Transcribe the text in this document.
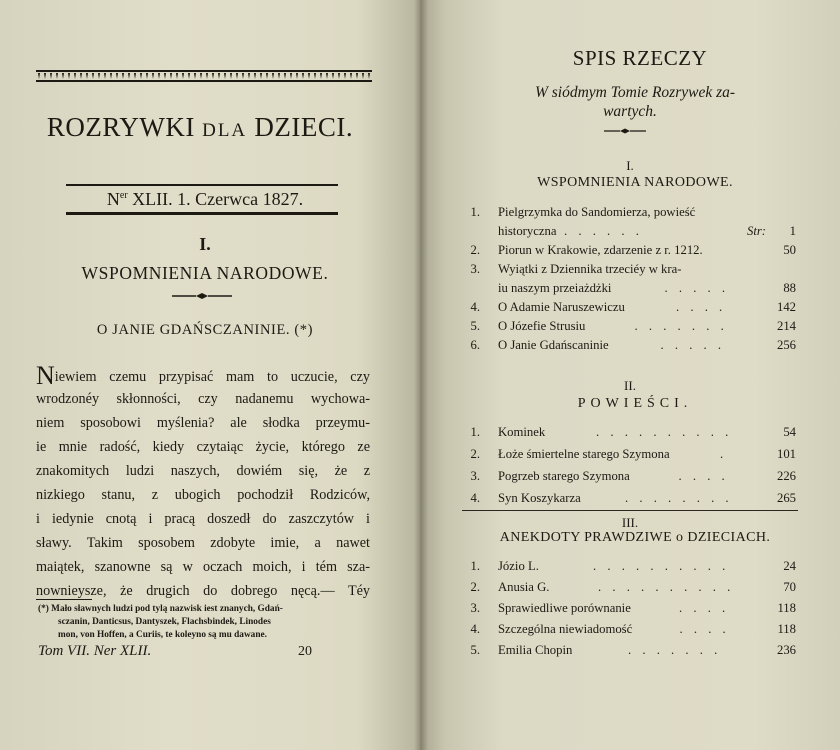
ROZRYWKI DLA DZIECI.
$N^{er}$ XLII. 1. Czerwca 1827.
I.
WSPOMNIENIA NARODOWE.
O JANIE GDAŃSCZANINIE. (*)
Niewiem czemu przypisać mam to uczucie, czy
wrodzonéy skłonności, czy nadanemu wychowa-
niem sposobowi myślenia? ale słodka przeymu-
ie mnie radość, kiedy czytaiąc życie, którego ze
znakomitych ludzi naszych, dowiém się, że z
nizkiego stanu, z ubogich pochodził Rodziców,
i iedynie cnotą i pracą doszedł do zaszczytów i
sławy. Takim sposobem zdobyte imie, a nawet
maiątek, szanowne są w oczach moich, i tém sza-
nownieysze, że drugich do dobrego nęcą.— Téy
(*) Mało sławnych ludzi pod tylą nazwisk iest znanych, Gdań-
sczanin, Danticsus, Dantyszek, Flachsbindek, Linodes
mon, von Hoffen, a Curiis, te koleyno są mu dawane.
Tom VII. Ner XLII.	20
SPIS RZECZY
W siódmym Tomie Rozrywek za-
wartych.
I.
WSPOMNIENIA NARODOWE.
1. Pielgrzymka do Sandomierza, powieść
historyczna . . . . . .	Str: 1
2. Piorun w Krakowie, zdarzenie z r. 1212.	50
3. Wyiątki z Dziennika trzeciéy w kra-
iu naszym przeiażdżki	. . . . .	88
4. O Adamie Naruszewiczu	. . . .	142
5. O Józefie Strusiu	. . . . . . .	214
6. O Janie Gdańscaninie	. . . . .	256
II.
POWIEŚCI.
1. Kominek	. . . . . . . . . .	54
2. Łoże śmiertelne starego Szymona	.	101
3. Pogrzeb starego Szymona	. . . .	226
4. Syn Koszykarza	. . . . . . . .	265
III.
ANEKDOTY PRAWDZIWE o DZIECIACH.
1. Józio L.	. . . . . . . . . .	24
2. Anusia G.	. . . . . . . . . .	70
3. Sprawiedliwe porównanie	. . . .	118
4. Szczególna niewiadomość	. . . .	118
5. Emilia Chopin	. . . . . . .	236
